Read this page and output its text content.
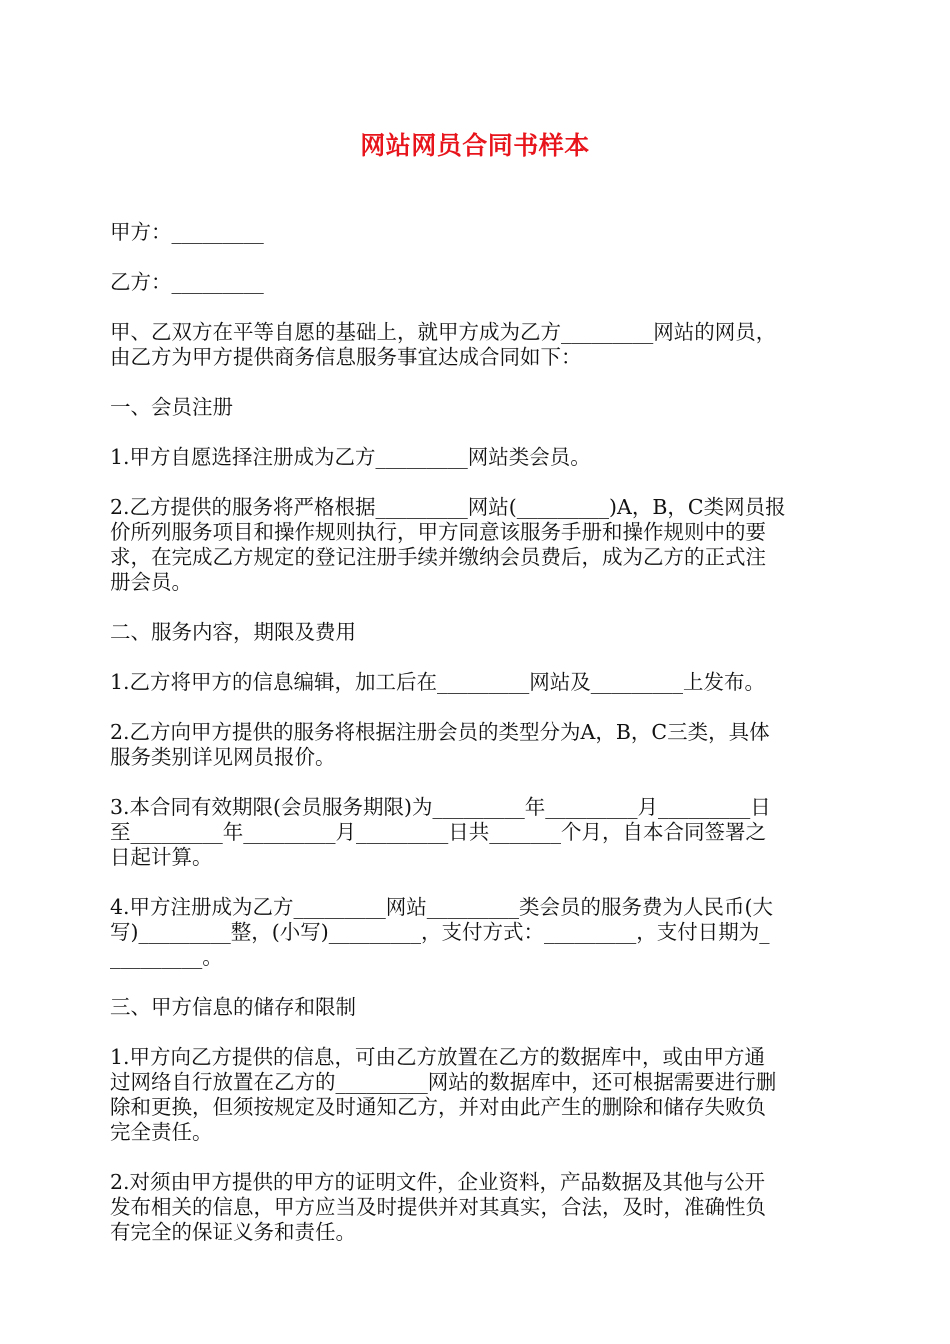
网站网员合同书样本
甲方：_________
乙方：_________
甲、乙双方在平等自愿的基础上，就甲方成为乙方_________网站的网员，
由乙方为甲方提供商务信息服务事宜达成合同如下：
一、会员注册
1.甲方自愿选择注册成为乙方_________网站类会员。
2.乙方提供的服务将严格根据_________网站(_________)A，B，C类网员报
价所列服务项目和操作规则执行，甲方同意该服务手册和操作规则中的要
求，在完成乙方规定的登记注册手续并缴纳会员费后，成为乙方的正式注
册会员。
二、服务内容，期限及费用
1.乙方将甲方的信息编辑，加工后在_________网站及_________上发布。
2.乙方向甲方提供的服务将根据注册会员的类型分为A，B，C三类，具体
服务类别详见网员报价。
3.本合同有效期限(会员服务期限)为_________年_________月_________日
至_________年_________月_________日共_______个月，自本合同签署之
日起计算。
4.甲方注册成为乙方_________网站_________类会员的服务费为人民币(大
写)_________整，(小写)_________，支付方式：_________，支付日期为_
_________。
三、甲方信息的储存和限制
1.甲方向乙方提供的信息，可由乙方放置在乙方的数据库中，或由甲方通
过网络自行放置在乙方的_________网站的数据库中，还可根据需要进行删
除和更换，但须按规定及时通知乙方，并对由此产生的删除和储存失败负
完全责任。
2.对须由甲方提供的甲方的证明文件，企业资料，产品数据及其他与公开
发布相关的信息，甲方应当及时提供并对其真实，合法，及时，准确性负
有完全的保证义务和责任。
